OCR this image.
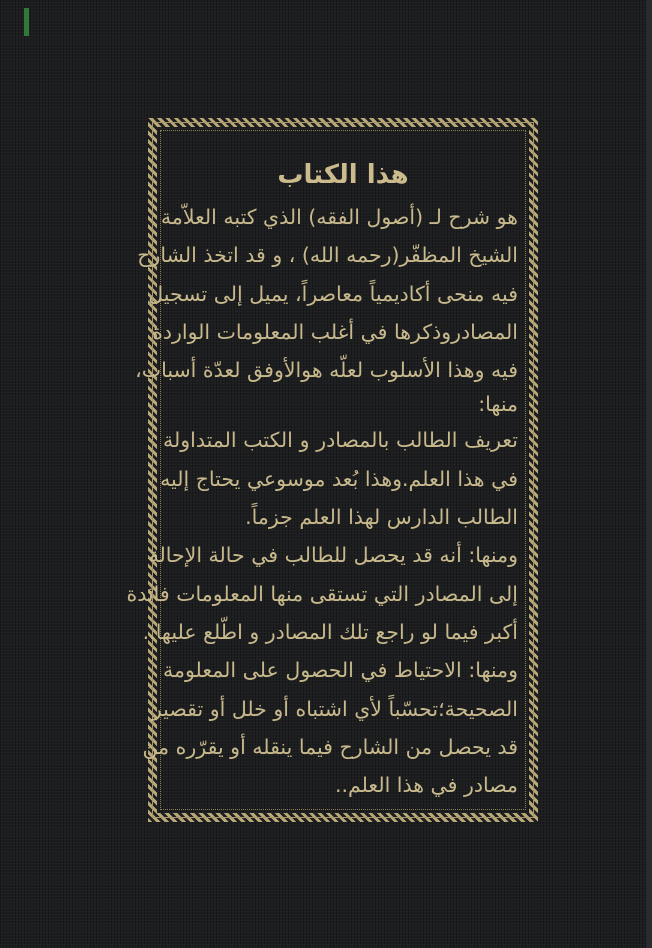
هذا الكتاب
هو شرح لـ (أصول الفقه) الذي كتبه العلاّمة
الشيخ المظفّر(رحمه الله) ، و قد اتخذ الشارح
فيه منحى أكاديمياً معاصراً، يميل إلى تسجيل
المصادروذكرها في أغلب المعلومات الواردة
فيه وهذا الأسلوب لعلّه هوالأوفق لعدّة أسباب،
منها:
تعريف الطالب بالمصادر و الكتب المتداولة
في هذا العلم.وهذا بُعد موسوعي يحتاج إليه
الطالب الدارس لهذا العلم جزماً.
ومنها: أنه قد يحصل للطالب في حالة الإحالة
إلى المصادر التي تستقى منها المعلومات فائدة
أكبر فيما لو راجع تلك المصادر و اطّلع عليها..
ومنها: الاحتياط في الحصول على المعلومة
الصحيحة؛تحسّباً لأي اشتباه أو خلل أو تقصير
قد يحصل من الشارح فيما ينقله أو يقرّره من
مصادر في هذا العلم..
